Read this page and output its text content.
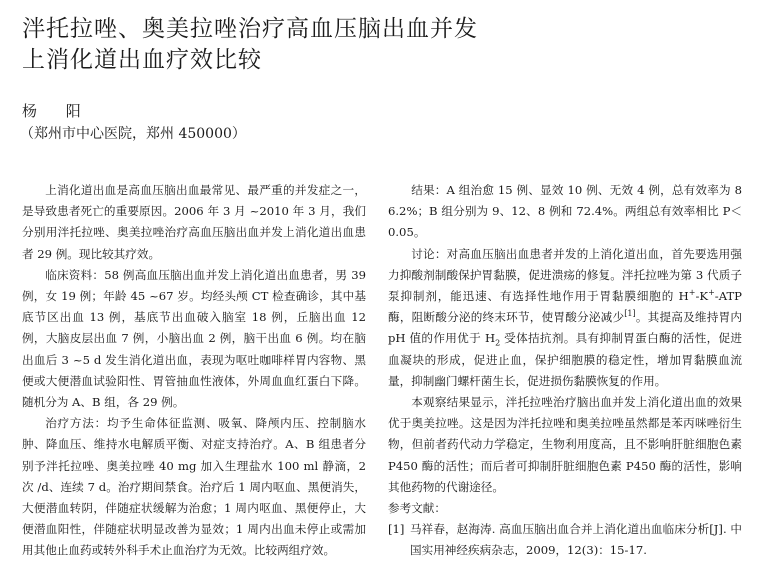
泮托拉唑、奥美拉唑治疗高血压脑出血并发
上消化道出血疗效比较
杨 阳
（郑州市中心医院，郑州 450000）

上消化道出血是高血压脑出血最常见、最严重的并发症之一，是导致患者死亡的重要原因。2006 年 3 月 ~2010 年 3 月，我们分别用泮托拉唑、奥美拉唑治疗高血压脑出血并发上消化道出血患者 29 例。现比较其疗效。

临床资料：58 例高血压脑出血并发上消化道出血患者，男 39 例，女 19 例；年龄 45 ~67 岁。均经头颅 CT 检查确诊，其中基底节区出血 13 例，基底节出血破入脑室 18 例，丘脑出血 12 例，大脑皮层出血 7 例，小脑出血 2 例，脑干出血 6 例。均在脑出血后 3 ~5 d 发生消化道出血，表现为呕吐咖啡样胃内容物、黑便或大便潜血试验阳性、胃管抽血性液体，外周血血红蛋白下降。随机分为 A、B 组，各 29 例。

治疗方法：均予生命体征监测、吸氧、降颅内压、控制脑水肿、降血压、维持水电解质平衡、对症支持治疗。A、B 组患者分别予泮托拉唑、奥美拉唑 40 mg 加入生理盐水 100 ml 静滴，2 次 /d、连续 7 d。治疗期间禁食。治疗后 1 周内呕血、黑便消失，大便潜血转阴，伴随症状缓解为治愈；1 周内呕血、黑便停止，大便潜血阳性，伴随症状明显改善为显效；1 周内出血未停止或需加用其他止血药或转外科手术止血治疗为无效。比较两组疗效。

结果：A 组治愈 15 例、显效 10 例、无效 4 例，总有效率为 86.2%；B 组分别为 9、12、8 例和 72.4%。两组总有效率相比 P＜0.05。

讨论：对高血压脑出血患者并发的上消化道出血，首先要选用强力抑酸剂制酸保护胃黏膜，促进溃疡的修复。泮托拉唑为第 3 代质子泵抑制剂，能迅速、有选择性地作用于胃黏膜细胞的 H+-K+-ATP 酶，阻断酸分泌的终末环节，使胃酸分泌减少[1]。其提高及维持胃内 pH 值的作用优于 $H_2$ 受体拮抗剂。具有抑制胃蛋白酶的活性，促进血凝块的形成，促进止血，保护细胞膜的稳定性，增加胃黏膜血流量，抑制幽门螺杆菌生长，促进损伤黏膜恢复的作用。

本观察结果显示，泮托拉唑治疗脑出血并发上消化道出血的效果优于奥美拉唑。这是因为泮托拉唑和奥美拉唑虽然都是苯丙咪唑衍生物，但前者药代动力学稳定，生物利用度高，且不影响肝脏细胞色素 P450 酶的活性；而后者可抑制肝脏细胞色素 P450 酶的活性，影响其他药物的代谢途径。

参考文献：

[1] 马祥春，赵海涛. 高血压脑出血合并上消化道出血临床分析[J]. 中国实用神经疾病杂志，2009，12(3)：15-17.
